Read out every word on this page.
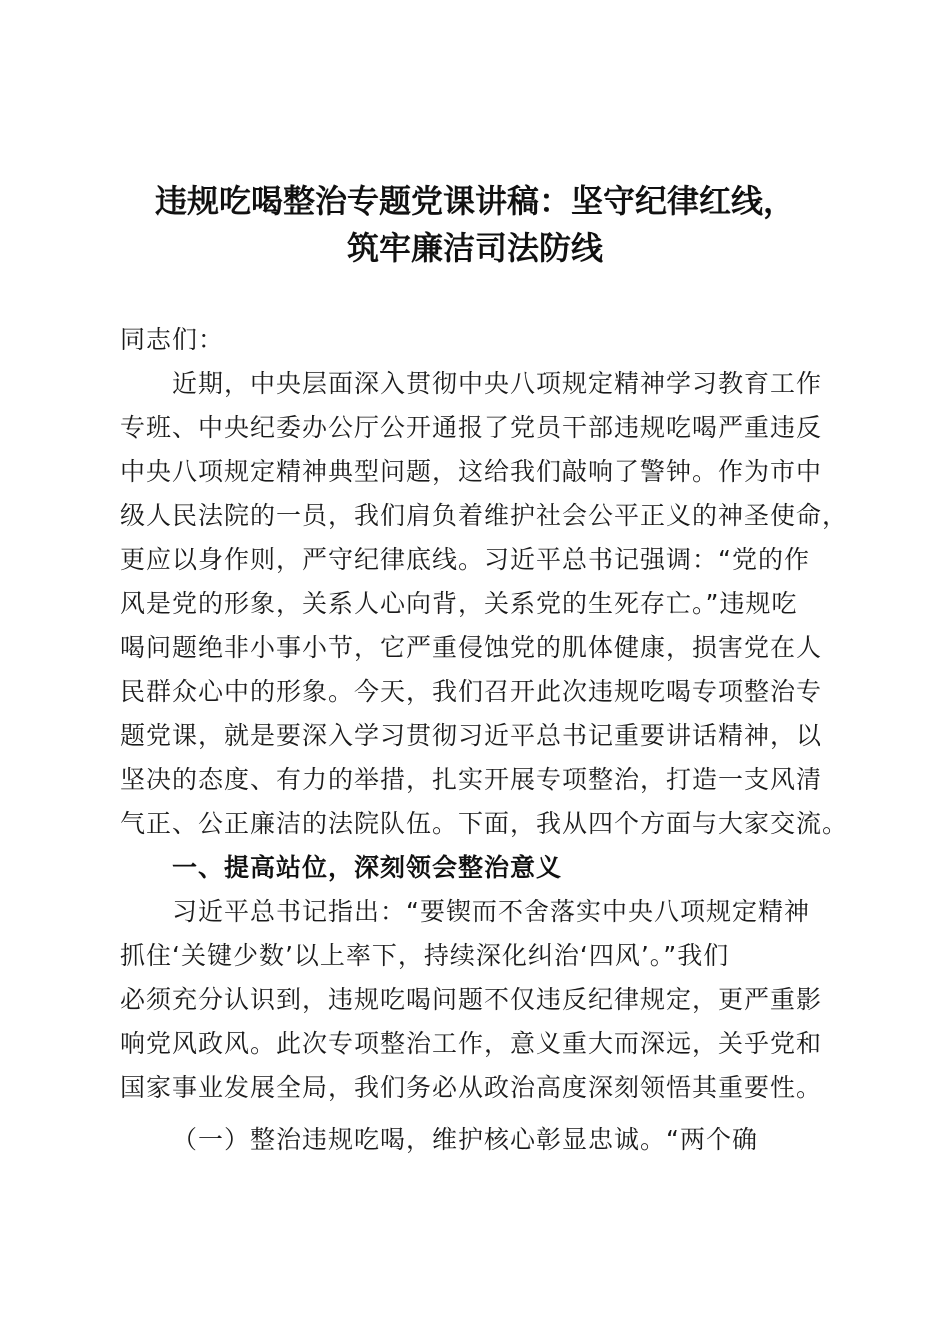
违规吃喝整治专题党课讲稿：坚守纪律红线，
筑牢廉洁司法防线
同志们：
近期，中央层面深入贯彻中央八项规定精神学习教育工作
专班、中央纪委办公厅公开通报了党员干部违规吃喝严重违反
中央八项规定精神典型问题，这给我们敲响了警钟。作为市中
级人民法院的一员，我们肩负着维护社会公平正义的神圣使命，
更应以身作则，严守纪律底线。习近平总书记强调：“党的作
风是党的形象，关系人心向背，关系党的生死存亡。”违规吃
喝问题绝非小事小节，它严重侵蚀党的肌体健康，损害党在人
民群众心中的形象。今天，我们召开此次违规吃喝专项整治专
题党课，就是要深入学习贯彻习近平总书记重要讲话精神，以
坚决的态度、有力的举措，扎实开展专项整治，打造一支风清
气正、公正廉洁的法院队伍。下面，我从四个方面与大家交流。
一、提高站位，深刻领会整治意义
习近平总书记指出：“要锲而不舍落实中央八项规定精神
抓住‘关键少数’以上率下，持续深化纠治‘四风’。”我们
必须充分认识到，违规吃喝问题不仅违反纪律规定，更严重影
响党风政风。此次专项整治工作，意义重大而深远，关乎党和
国家事业发展全局，我们务必从政治高度深刻领悟其重要性。
（一）整治违规吃喝，维护核心彰显忠诚。“两个确
